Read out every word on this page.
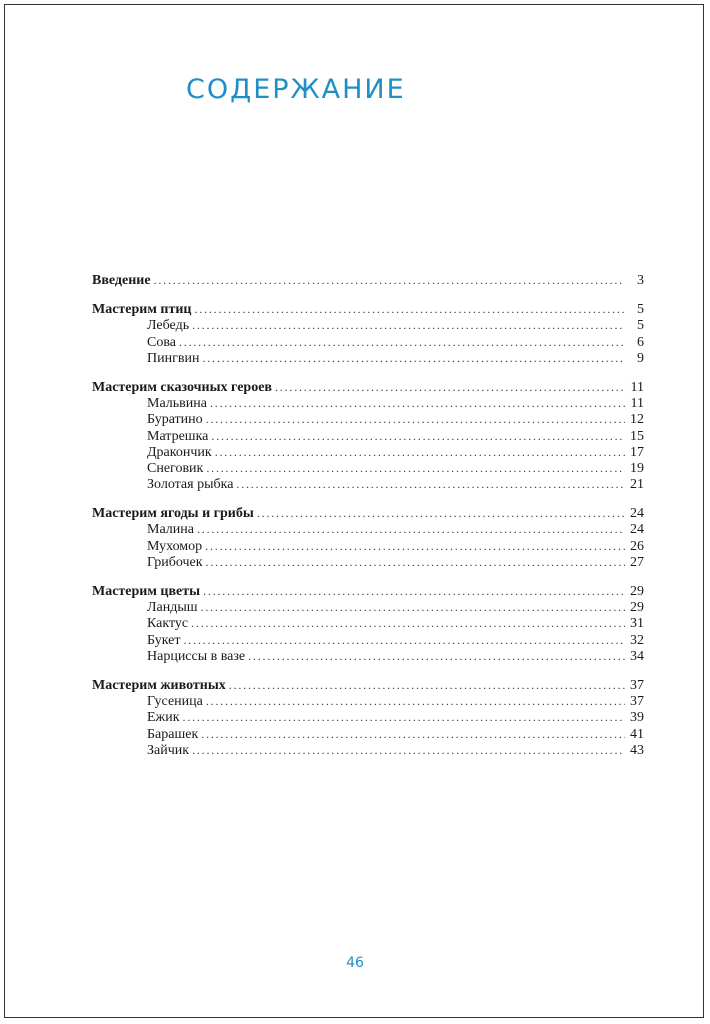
СОДЕРЖАНИЕ
Введение . . .	3
Мастерим птиц . . .	5
Лебедь . . .	5
Сова . . .	6
Пингвин . . .	9
Мастерим сказочных героев . . .	11
Мальвина . . .	11
Буратино . . .	12
Матрешка . . .	15
Дракончик . . .	17
Снеговик . . .	19
Золотая рыбка . . .	21
Мастерим ягоды и грибы . . .	24
Малина . . .	24
Мухомор . . .	26
Грибочек . . .	27
Мастерим цветы . . .	29
Ландыш . . .	29
Кактус . . .	31
Букет . . .	32
Нарциссы в вазе . . .	34
Мастерим животных . . .	37
Гусеница . . .	37
Ежик . . .	39
Барашек . . .	41
Зайчик . . .	43
46
